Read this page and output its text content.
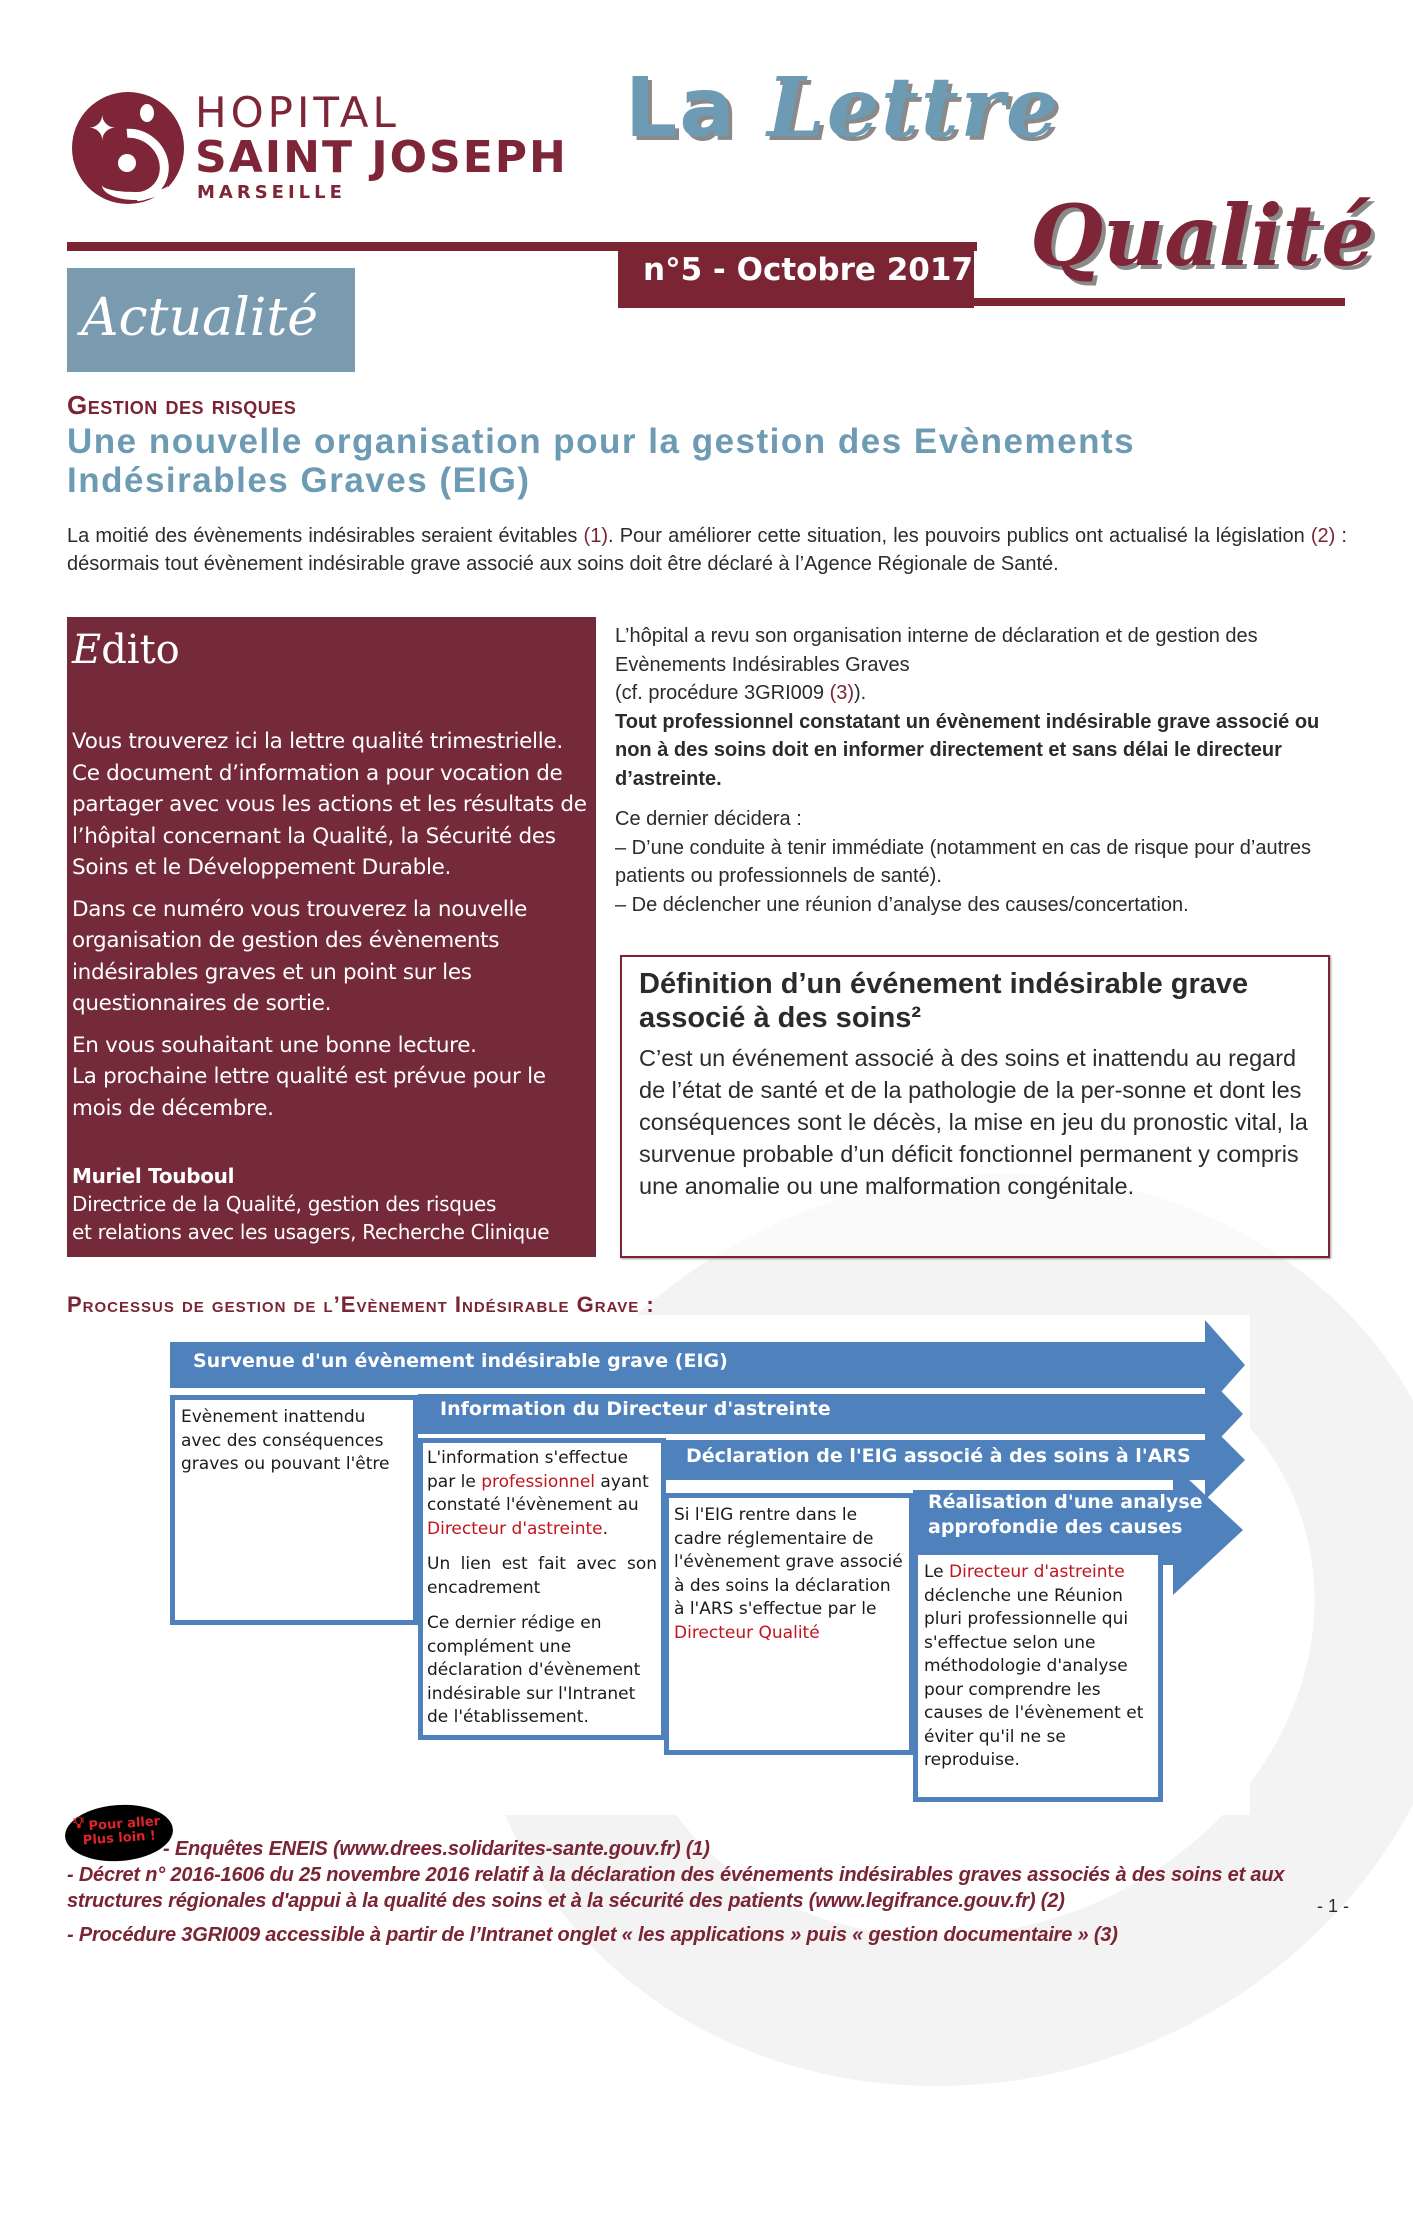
✦ HOPITAL
SAINT JOSEPH
MARSEILLE
La Lettre
Qualité
n°5 - Octobre 2017
Actualité
Gestion des risques
Une nouvelle organisation pour la gestion des Evènements Indésirables Graves (EIG)
La moitié des évènements indésirables seraient évitables (1). Pour améliorer cette situation, les pouvoirs publics ont actualisé la législation (2) : désormais tout évènement indésirable grave associé aux soins doit être déclaré à l’Agence Régionale de Santé.
Edito

Vous trouverez ici la lettre qualité trimestrielle. Ce document d’information a pour vocation de partager avec vous les actions et les résultats de l’hôpital concernant la Qualité, la Sécurité des Soins et le Développement Durable.

Dans ce numéro vous trouverez la nouvelle organisation de gestion des évènements indésirables graves et un point sur les questionnaires de sortie.

En vous souhaitant une bonne lecture.

La prochaine lettre qualité est prévue pour le mois de décembre.

Muriel Touboul

Directrice de la Qualité, gestion des risques

et relations avec les usagers, Recherche Clinique

L’hôpital a revu son organisation interne de déclaration et de gestion des Evènements Indésirables Graves
(cf. procédure 3GRI009 (3)).

Tout professionnel constatant un évènement indésirable grave associé ou non à des soins doit en informer directement et sans délai le directeur d’astreinte.

Ce dernier décidera :

– D’une conduite à tenir immédiate (notamment en cas de risque pour d’autres patients ou professionnels de santé).

– De déclencher une réunion d’analyse des causes/concertation.

Définition d’un événement indésirable grave associé à des soins²

C’est un événement associé à des soins et inattendu au regard de l’état de santé et de la pathologie de la per-sonne et dont les conséquences sont le décès, la mise en jeu du pronostic vital, la survenue probable d’un déficit fonctionnel permanent y compris une anomalie ou une malformation congénitale.

Processus de gestion de l’Evènement Indésirable Grave :
Survenue d'un évènement indésirable grave (EIG)

Evènement inattendu avec des conséquences graves ou pouvant l'être

Information du Directeur d'astreinte

L'information s'effectue par le professionnel ayant constaté l'évènement au Directeur d'astreinte.

Un lien est fait avec son encadrement

Ce dernier rédige en complément une déclaration d'évènement indésirable sur l'Intranet de l'établissement.

Déclaration de l'EIG associé à des soins à l'ARS

Si l'EIG rentre dans le cadre réglementaire de l'évènement grave associé à des soins la déclaration à l'ARS s'effectue par le Directeur Qualité

Réalisation d'une analyse
approfondie des causes

Le Directeur d'astreinte déclenche une Réunion pluri professionnelle qui s'effectue selon une méthodologie d'analyse pour comprendre les causes de l'évènement et éviter qu'il ne se reproduise.

💡︎ Pour aller
Plus loin ! - Enquêtes ENEIS (www.drees.solidarites-sante.gouv.fr) (1)
- Décret n° 2016-1606 du 25 novembre 2016 relatif à la déclaration des événements indésirables graves associés à des soins et aux structures régionales d'appui à la qualité des soins et à la sécurité des patients (www.legifrance.gouv.fr) (2)
- Procédure 3GRI009 accessible à partir de l’Intranet onglet « les applications » puis « gestion documentaire » (3)
- 1 -
